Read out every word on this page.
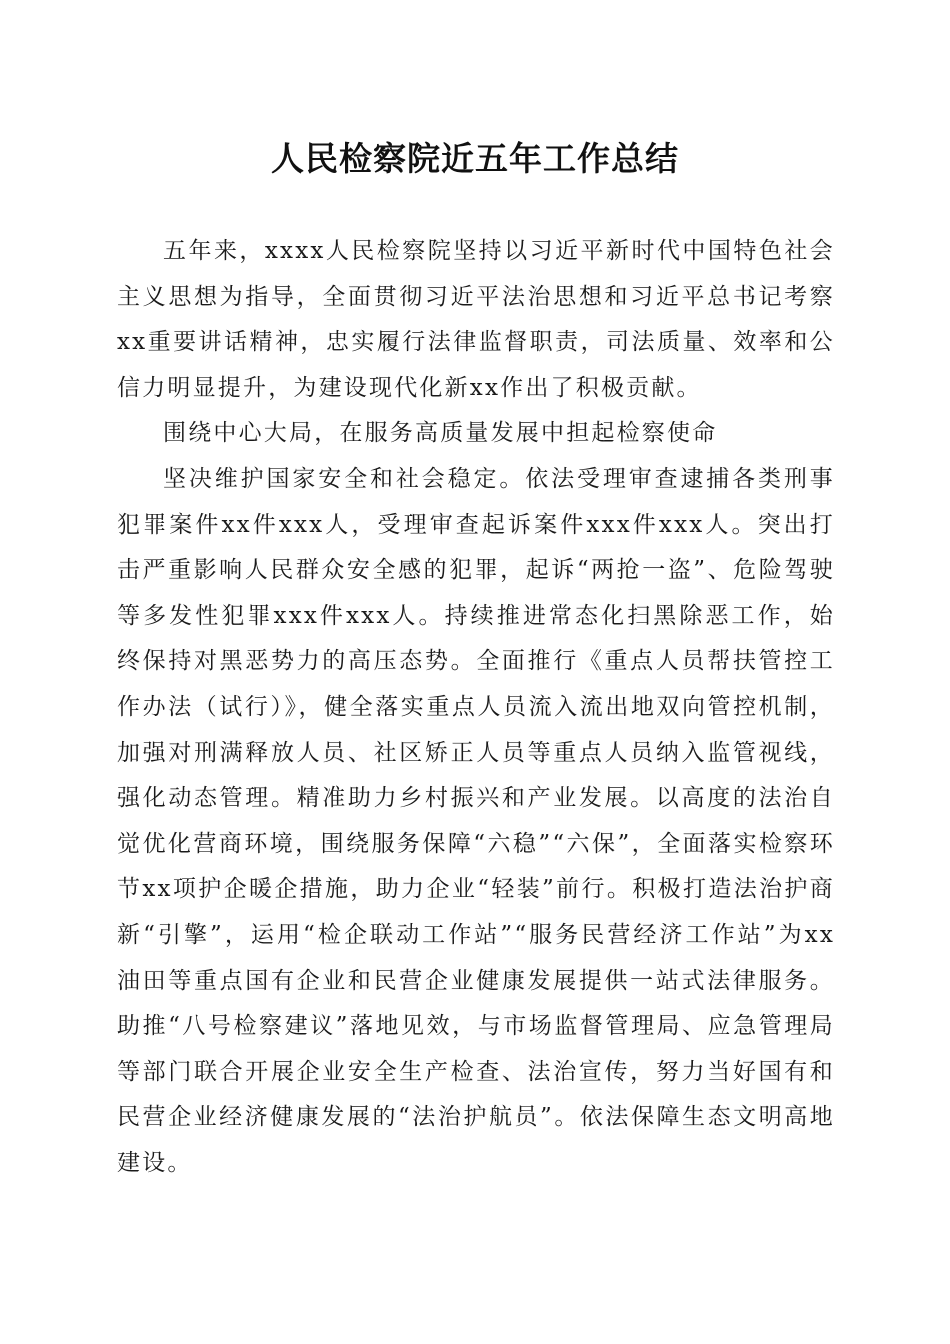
人民检察院近五年工作总结

五年来，xxxx人民检察院坚持以习近平新时代中国特色社会主义思想为指导，全面贯彻习近平法治思想和习近平总书记考察xx重要讲话精神，忠实履行法律监督职责，司法质量、效率和公信力明显提升，为建设现代化新xx作出了积极贡献。

围绕中心大局，在服务高质量发展中担起检察使命

坚决维护国家安全和社会稳定。依法受理审查逮捕各类刑事犯罪案件xx件xxx人，受理审查起诉案件xxx件xxx人。突出打击严重影响人民群众安全感的犯罪，起诉“两抢一盗”、危险驾驶等多发性犯罪xxx件xxx人。持续推进常态化扫黑除恶工作，始终保持对黑恶势力的高压态势。全面推行《重点人员帮扶管控工作办法（试行）》，健全落实重点人员流入流出地双向管控机制，加强对刑满释放人员、社区矫正人员等重点人员纳入监管视线，强化动态管理。精准助力乡村振兴和产业发展。以高度的法治自觉优化营商环境，围绕服务保障“六稳”“六保”，全面落实检察环节xx项护企暖企措施，助力企业“轻装”前行。积极打造法治护商新“引擎”，运用“检企联动工作站”“服务民营经济工作站”为xx油田等重点国有企业和民营企业健康发展提供一站式法律服务。助推“八号检察建议”落地见效，与市场监督管理局、应急管理局等部门联合开展企业安全生产检查、法治宣传，努力当好国有和民营企业经济健康发展的“法治护航员”。依法保障生态文明高地建设。
